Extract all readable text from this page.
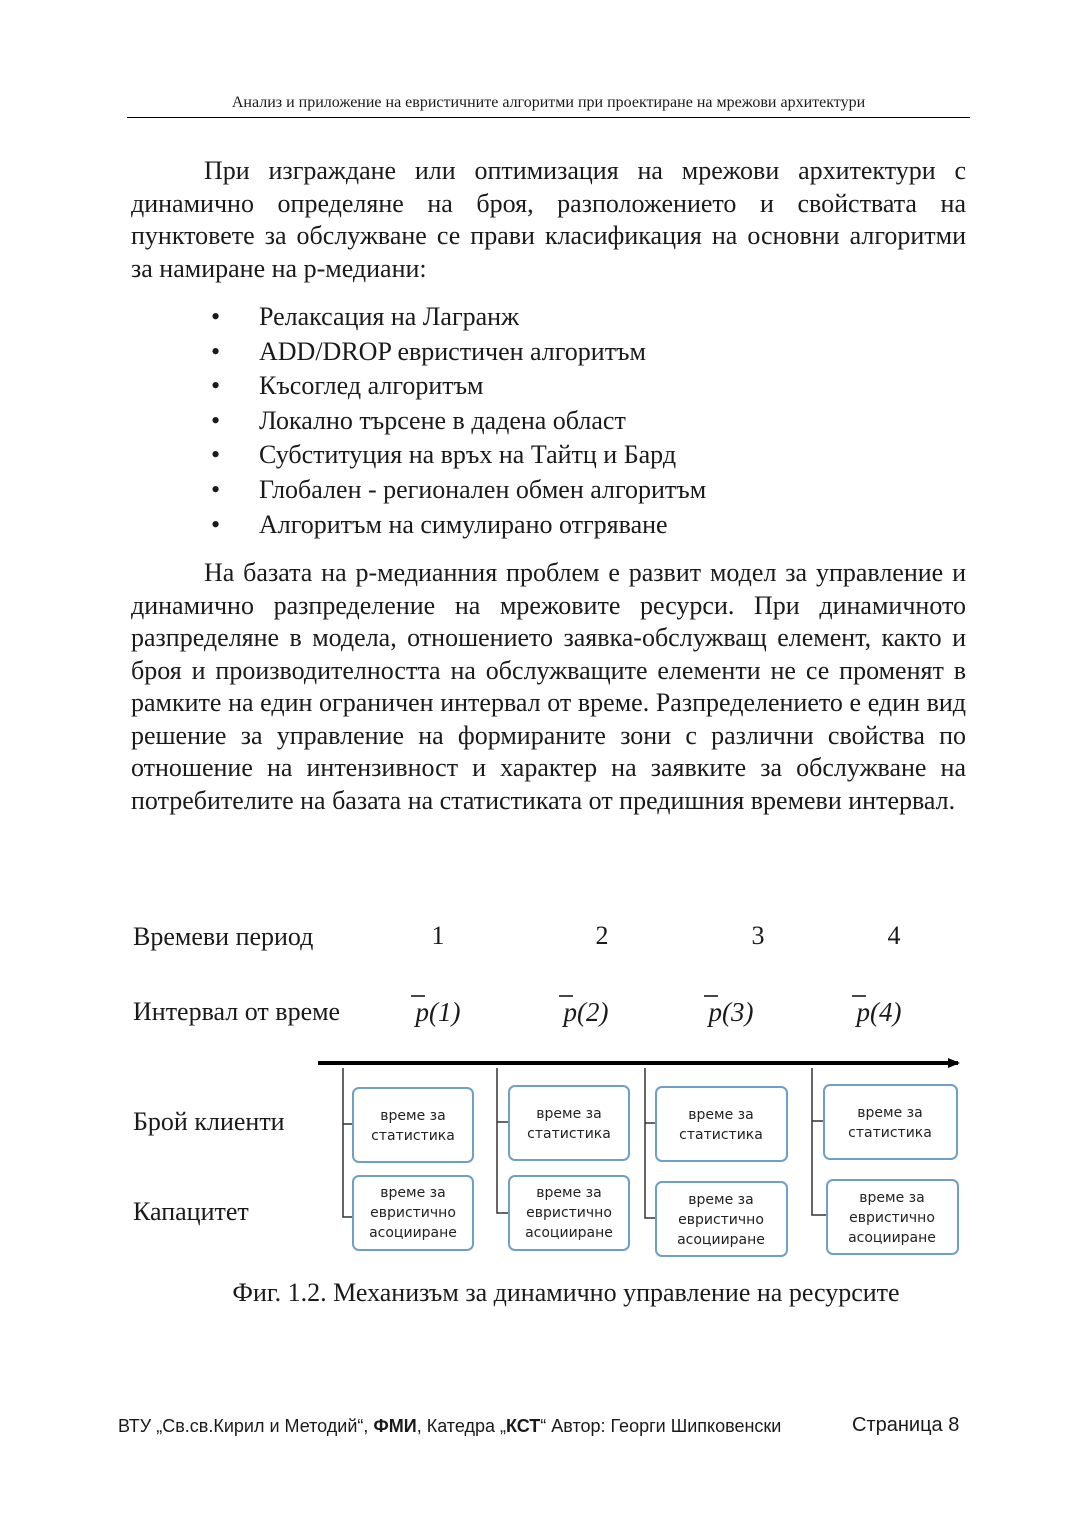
Анализ и приложение на евристичните алгоритми при проектиране на мрежови архитектури

При изграждане или оптимизация на мрежови архитектури с динамично определяне на броя, разположението и свойствата на пунктовете за обслужване се прави класификация на основни алгоритми за намиране на р-медиани:

• Релаксация на Лагранж
• ADD/DROP евристичен алгоритъм
• Късоглед алгоритъм
• Локално търсене в дадена област
• Субституция на връх на Тайтц и Бард
• Глобален - регионален обмен алгоритъм
• Алгоритъм на симулирано отгряване

На базата на р-медианния проблем е развит модел за управление и динамично разпределение на мрежовите ресурси. При динамичното разпределяне в модела, отношението заявка-обслужващ елемент, както и броя и производителността на обслужващите елементи не се променят в рамките на един ограничен интервал от време. Разпределението е един вид решение за управление на формираните зони с различни свойства по отношение на интензивност и характер на заявките за обслужване на потребителите на базата на статистиката от предишния времеви интервал.

Времеви период
Интервал от време
Брой клиенти
Капацитет
1	2	3	4
p(1)	p(2)	p(3)	p(4)
време за
статистика
време за
евристично
асоцииране
време за
статистика
време за
евристично
асоцииране
време за
статистика
време за
евристично
асоцииране
време за
статистика
време за
евристично
асоцииране
Фиг. 1.2. Механизъм за динамично управление на ресурсите
ВТУ „Св.св.Кирил и Методий“, ФМИ, Катедра „КСТ“ Автор: Георги Шипковенски	Страница 8
